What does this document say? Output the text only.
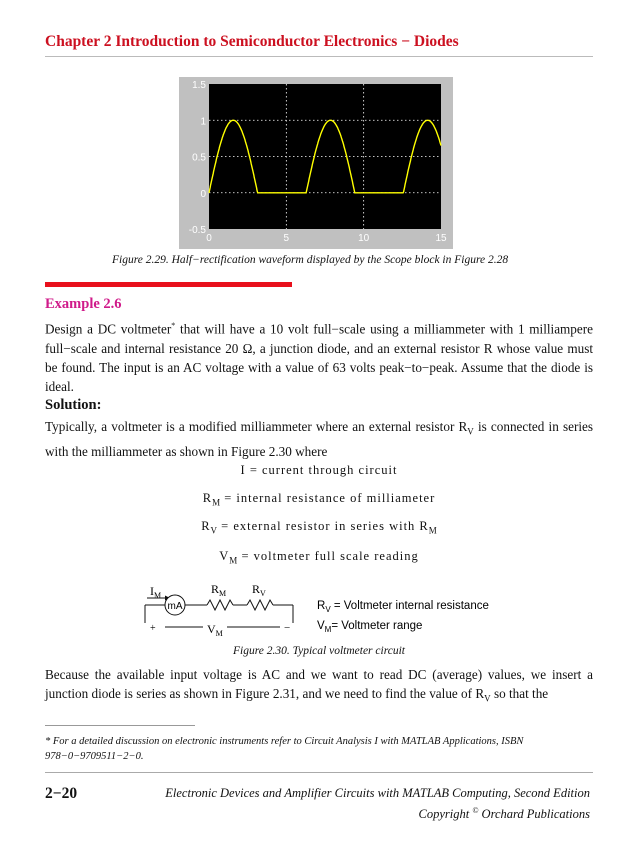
Chapter 2 Introduction to Semiconductor Electronics − Diodes
1.5
1
0.5
0
-0.5
0	5	10	15
Figure 2.29. Half−rectification waveform displayed by the Scope block in Figure 2.28
Example 2.6
Design a DC voltmeter* that will have a 10 volt full−scale using a milliammeter with 1 milliampere full−scale and internal resistance 20 Ω, a junction diode, and an external resistor R whose value must be found. The input is an AC voltage with a value of 63 volts peak−to−peak. Assume that the diode is ideal.
Solution:
Typically, a voltmeter is a modified milliammeter where an external resistor $R_V$ is connected in series with the milliammeter as shown in Figure 2.30 where
I = current through circuit
$R_M$ = internal resistance of milliameter
$R_V$ = external resistor in series with $R_M$
$V_M$ = voltmeter full scale reading
$I_M$
mA
$R_M$ $R_V$
+	$V_M$	−
$R_V$ = Voltmeter internal resistance
$V_M=$ Voltmeter range
Figure 2.30. Typical voltmeter circuit
Because the available input voltage is AC and we want to read DC (average) values, we insert a junction diode is series as shown in Figure 2.31, and we need to find the value of $R_V$ so that the
* For a detailed discussion on electronic instruments refer to Circuit Analysis I with MATLAB Applications, ISBN 978−0−9709511−2−0.
2−20	Electronic Devices and Amplifier Circuits with MATLAB Computing, Second Edition
Copyright © Orchard Publications
